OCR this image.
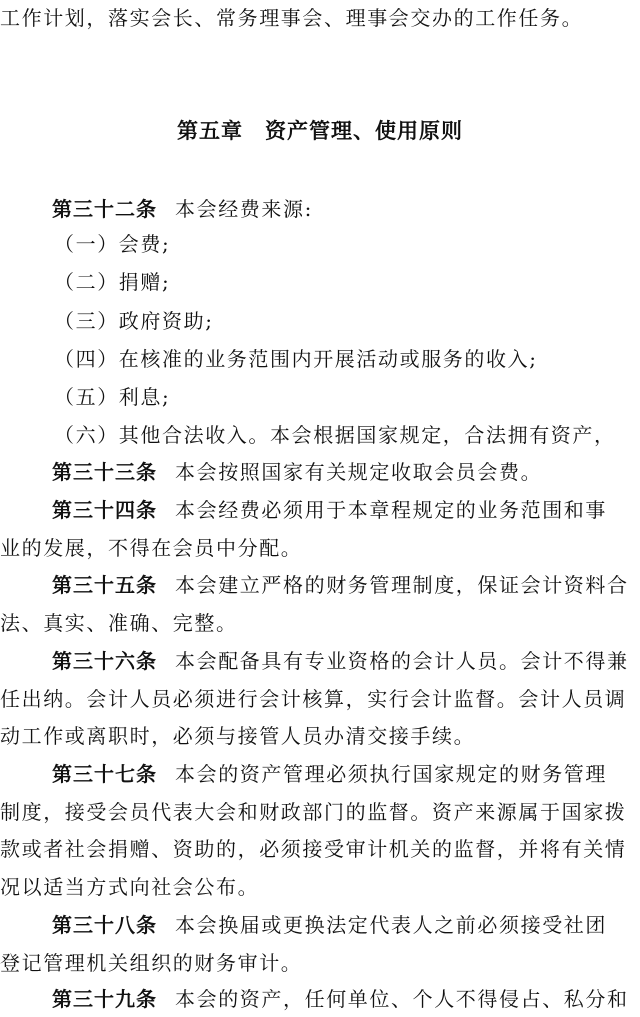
工作计划，落实会长、常务理事会、理事会交办的工作任务。
第五章　资产管理、使用原则
第三十二条 本会经费来源:
（一）会费;
（二）捐赠;
（三）政府资助;
（四）在核准的业务范围内开展活动或服务的收入;
（五）利息;
（六）其他合法收入。本会根据国家规定，合法拥有资产，
第三十三条 本会按照国家有关规定收取会员会费。
第三十四条 本会经费必须用于本章程规定的业务范围和事
业的发展，不得在会员中分配。
第三十五条 本会建立严格的财务管理制度，保证会计资料合
法、真实、准确、完整。
第三十六条 本会配备具有专业资格的会计人员。会计不得兼
任出纳。会计人员必须进行会计核算，实行会计监督。会计人员调
动工作或离职时，必须与接管人员办清交接手续。
第三十七条 本会的资产管理必须执行国家规定的财务管理
制度，接受会员代表大会和财政部门的监督。资产来源属于国家拨
款或者社会捐赠、资助的，必须接受审计机关的监督，并将有关情
况以适当方式向社会公布。
第三十八条 本会换届或更换法定代表人之前必须接受社团
登记管理机关组织的财务审计。
第三十九条 本会的资产，任何单位、个人不得侵占、私分和
